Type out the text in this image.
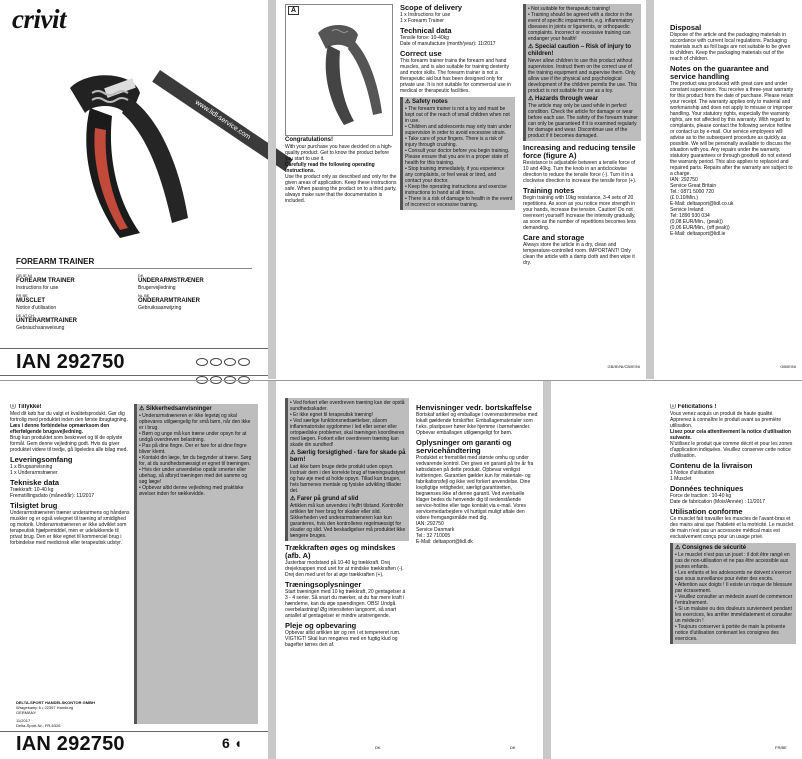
crivit
www.lidl-service.com
FOREARM TRAINER
GB IE NI
FOREARM TRAINER
Instructions for use
DK
UNDERARMSTRÆNER
Brugervejledning
FR BE
MUSCLET
Notice d'utilisation
NL BE
ONDERARMTRAINER
Gebruiksaanwijzing
DE AT CH
UNTERARMTRAINER
Gebrauchsanweisung
IAN 292750

A
Congratulations!
With your purchase you have decided on a high-quality product. Get to know the product before you start to use it.
Carefully read the following operating instructions.
Use the product only as described and only for the given areas of application. Keep these instructions safe. When passing the product on to a third party, always make sure that the documentation is included.
Scope of delivery
1 x Instructions for use
1 x Forearm Trainer
Technical data
Tensile force: 10-40kg
Date of manufacture (month/year): 11/2017
Correct use
This forearm trainer trains the forearm and hand muscles, and is also suitable for training dexterity and motor skills. The forearm trainer is not a therapeutic aid but has been designed only for private use. It is not suitable for commercial use in medical or therapeutic facilities.
⚠ Safety notes
• The forearm trainer is not a toy and must be kept out of the reach of small children when not in use.
• Children and adolescents may only train under supervision in order to avoid excessive strain.
• Take care of your fingers. There is a risk of injury through crushing.
• Consult your doctor before you begin training. Please ensure that you are in a proper state of health for this training.
• Stop training immediately, if you experience any complaints, or feel weak or tired, and contact your doctor.
• Keep the operating instructions and exercise instructions to hand at all times.
• There is a risk of damage to health in the event of incorrect or excessive training.
• Not suitable for therapeutic training!
• Training should be agreed with a doctor in the event of specific impairments, e.g. inflammatory diseases in joints or ligaments, or orthopaedic complaints. Incorrect or excessive training can endanger your health!
⚠ Special caution – Risk of injury to children!
Never allow children to use this product without supervision. Instruct them on the correct use of the training equipment and supervise them. Only allow use if the physical and psychological development of the children permits the use. This product is not suitable for use as a toy.
⚠ Hazards through wear
The article may only be used while in perfect condition. Check the article for damage or wear before each use. The safety of the forearm trainer can only be guaranteed if it is examined regularly for damage and wear. Discontinue use of the product if it becomes damaged.
Increasing and reducing tensile force (figure A)
Resistance is adjustable between a tensile force of 10 and 40kg. Turn the knob in an anticlockwise direction to reduce the tensile force (-). Turn it in a clockwise direction to increase the tensile force (+).
Training notes
Begin training with 10kg resistance, 3-4 sets of 20 repetitions. As soon as you notice more strength in your hands, increase the tension. Caution! Do not overexert yourself! Increase the intensity gradually, as soon as the number of repetitions becomes less demanding.
Care and storage
Always store the article in a dry, clean and temperature-controlled room. IMPORTANT! Only clean the article with a damp cloth and then wipe it dry.
Disposal
Dispose of the article and the packaging materials in accordance with current local regulations. Packaging materials such as foil bags are not suitable to be given to children. Keep the packaging materials out of the reach of children.
Notes on the guarantee and service handling
The product was produced with great care and under constant supervision. You receive a three-year warranty for this product from the date of purchase. Please retain your receipt. The warranty applies only to material and workmanship and does not apply to misuse or improper handling. Your statutory rights, especially the warranty rights, are not affected by this warranty. With regard to complaints, please contact the following service hotline or contact us by e-mail. Our service employees will advise as to the subsequent procedure as quickly as possible. We will be personally available to discuss the situation with you. Any repairs under the warranty, statutory guarantees or through goodwill do not extend the warranty period. This also applies to replaced and repaired parts. Repairs after the warranty are subject to a charge.
IAN: 292750
Service Great Britain
Tel.: 0871 5000 720
(£ 0.10/Min.)
E-Mail: deltasport@lidl.co.uk
Service Ireland
Tel: 1890 930 034
(0,08 EUR/Min., (peak))
(0,06 EUR/Min., (off peak))
E-Mail: deltasport@lidl.ie
GB/IE/NI/CB/IE/NI	GB/IE/NI
ⓘ Tillykke!
Med dit køb har du valgt et kvalitetsprodukt. Gør dig fortrolig med produktet inden den første ibrugtagning.
Læs i denne forbindelse opmærksom den efterfølgende brugsvejledning.
Brug kun produktet som beskrevet og til de oplyste formål. Gem denne vejledning godt. Hvis du giver produktet videre til tredje, gå ligeledes alle bilag med.
Leveringsomfang
1 x Brugsanvisning
1 x Underarmstræner
Tekniske data
Trækkraft: 10-40 kg
Fremstillingsdato (måned/år): 11/2017
Tilsigtet brug
Underarmstræneren træner underarmens og håndens muskler og er også velegnet til træning af smidighed og motorik. Underarmstræneren er ikke udviklet som terapeutisk hjælpemiddel, men er udelukkende til privat brug. Den er ikke egnet til kommerciel brug i forbindelse med medicinsk eller terapeutisk udstyr.
⚠ Sikkerhedsanvisninger
• Underarmstræneren er ikke legetøj og skal opbevares utilgængelig for små børn, når den ikke er i brug.
• Børn og unge må kun træne under opsyn for at undgå overdreven belastning.
• Pas på dine fingre. Der er fare for at dine fingre bliver klemt.
• Kontakt din læge, før du begynder at træne. Sørg for, at du sundhedsmæssigt er egnet til træningen.
• Hvis der under anvendelse opstår smerter eller ubehag, så afbryd træningen med det samme og søg læge!
• Opbevar altid denne vejledning med praktiske øvelser inden for rækkevidde.
DELTA-SPORT HANDELSKONTOR GMBH
Wragekamp 6 • 22397 Hamburg
GERMANY
11/2017
Delta-Sport-Nr.: FR-6326
IAN 292750	6 ◖
• Ved forkert eller overdreven træning kan der opstå sundhedsskader.
• Er ikke egnet til terapeutisk træning!
• Ved særlige funktionsnedsættelser, såsom inflammatoriske sygdomme i led eller sener eller ortopædiske problemer, skal træningen koordineres med lægen. Forkert eller overdreven træning kan skade din sundhed!
⚠ Særlig forsigtighed - fare for skade på børn!
Lad ikke børn bruge dette produkt uden opsyn. Instruér dem i den korrekte brug af træningsudstyret og hav øje med at holde opsyn. Tillad kun brugen, hvis børnenes mentale og fysiske udvikling tillader det.
⚠ Farer på grund af slid
Artiklen må kun anvendes i fejlfri tilstand. Kontrollér artiklen før hver brug for skader eller slid. Sikkerheden ved underarmstræneren kan kun garanteres, hvis den kontrolleres regelmæssigt for skader og slid. Ved beskadigelser må produktet ikke længere bruges.
Trækkraften øges og mindskes (afb. A)
Justerbar modstand på 10-40 kg trækkraft. Drej drejeknappen mod uret for at mindske trækkraften (-). Drej den med uret for at øge trækkraften (+).
Træningsoplysninger
Start træningen med 10 kg trækkraft, 20 gentagelser á 3 - 4 serier. Så snart du mærker, at du har mere kraft i hænderne, kan du øge spændingen. OBS! Undgå overbelastning! Øg intensiteten langsomt, så snart antallet af gentagelser er mindre anstrengende.
Pleje og opbevaring
Opbevar altid artiklen tør og ren i et tempereret rum. VIGTIGT! Skal kun rengøres med en fugtig klud og bagefter tørres den af.
Henvisninger vedr. bortskaffelse
Bortskaf artikel og emballage i overensstemmelse med lokalt gældende forskrifter. Emballagematerialer som f.eks. plastposer hører ikke hjemme i børnehænder. Opbevar emballagen utilgængeligt for børn.
Oplysninger om garanti og servicehåndtering
Produktet er fremstillet med største omhu og under vedvarende kontrol. Der gives en garanti på tre år fra købsdatoen på dette produkt. Opbevar venligst kvitteringen. Garantien gælder kun for materiale- og fabrikationsfejl og ikke ved forkert anvendelse. Dine lovpligtige rettigheder, særligt garantiretten, begrænses ikke af denne garanti. Ved eventuelle klager bedes du henvende dig til nedenstående service-hotline eller tage kontakt via e-mail. Vores servicemedarbejdere vil hurtigst muligt aftale den videre fremgangsmåde med dig.
IAN: 292750
Service Danmark
Tel.: 32 710005
E-Mail: deltasport@lidl.dk
ⓘ Félicitations !
Vous venez acquis un produit de haute qualité. Apprenez à connaître le produit avant sa première utilisation.
Lisez pour cela attentivement la notice d'utilisation suivante.
N'utilisez le produit que comme décrit et pour les zones d'application indiquées. Veuillez conserver cette notice d'utilisation.
Contenu de la livraison
1 Notice d'utilisation
1 Musclet
Données techniques
Force de traction : 10-40 kg
Date de fabrication (Mois/Année) : 11/2017
Utilisation conforme
Ce musclet fait travailler les muscles de l'avant-bras et des mains ainsi que l'habileté et la motricité. Le musclet de main n'est pas un accessoire médical mais est exclusivement conçu pour un usage privé.
⚠ Consignes de sécurité
• Le musclet n'est pas un jouet : il doit être rangé en cas de non-utilisation et ne pas être accessible aux jeunes enfants.
• Les enfants et les adolescents ne doivent s'exercer que sous surveillance pour éviter des excès.
• Attention aux doigts ! Il existe un risque de blessure par écrasement.
• Veuillez consulter un médecin avant de commencer l'entraînement.
• Si un malaise ou des douleurs surviennent pendant les exercices, les arrêter immédiatement et consulter un médecin !
• Toujours conserver à portée de main la présente notice d'utilisation contenant les consignes des exercices.
DK	DK	FR/BE
